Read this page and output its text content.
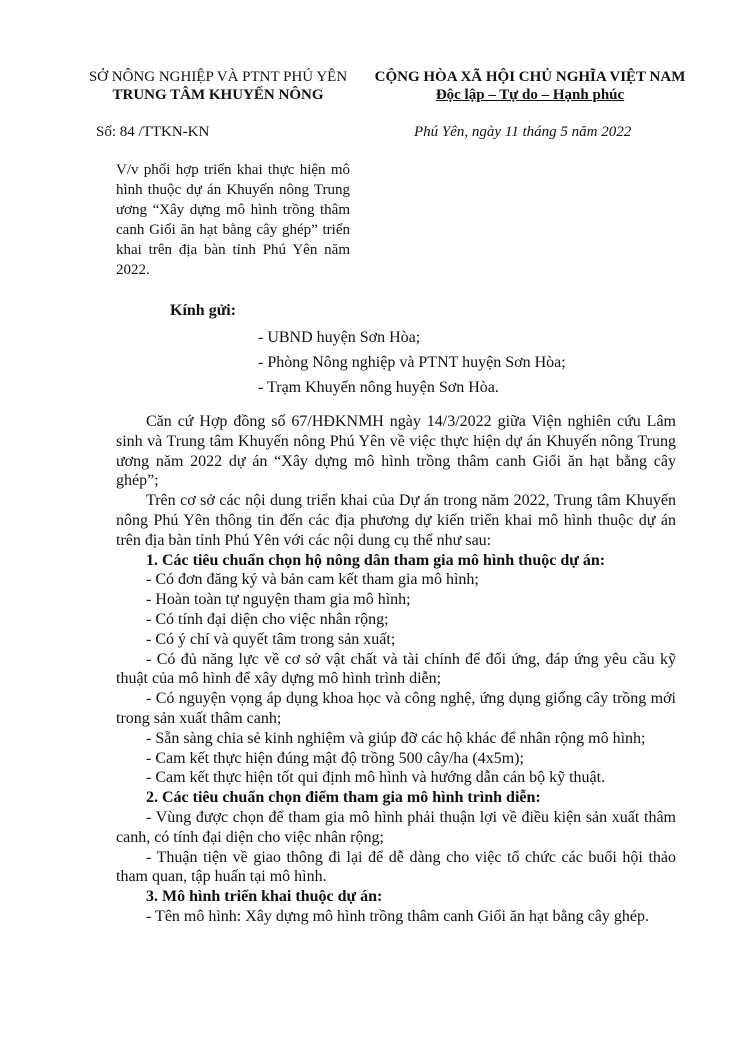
SỞ NÔNG NGHIỆP VÀ PTNT PHÚ YÊN
TRUNG TÂM KHUYẾN NÔNG
CỘNG HÒA XÃ HỘI CHỦ NGHĨA VIỆT NAM
Độc lập – Tự do – Hạnh phúc
Số: 84 /TTKN-KN	Phú Yên, ngày 11 tháng 5 năm 2022
V/v phối hợp triển khai thực hiện mô hình thuộc dự án Khuyến nông Trung ương “Xây dựng mô hình trồng thâm canh Giổi ăn hạt bằng cây ghép” triển khai trên địa bàn tỉnh Phú Yên năm 2022.
Kính gửi:
- UBND huyện Sơn Hòa;
- Phòng Nông nghiệp và PTNT huyện Sơn Hòa;
- Trạm Khuyến nông huyện Sơn Hòa.

Căn cứ Hợp đồng số 67/HĐKNMH ngày 14/3/2022 giữa Viện nghiên cứu Lâm sinh và Trung tâm Khuyến nông Phú Yên về việc thực hiện dự án Khuyến nông Trung ương năm 2022 dự án “Xây dựng mô hình trồng thâm canh Giổi ăn hạt bằng cây ghép”;

Trên cơ sở các nội dung triển khai của Dự án trong năm 2022, Trung tâm Khuyến nông Phú Yên thông tin đến các địa phương dự kiến triển khai mô hình thuộc dự án trên địa bàn tỉnh Phú Yên với các nội dung cụ thể như sau:

1. Các tiêu chuẩn chọn hộ nông dân tham gia mô hình thuộc dự án:

- Có đơn đăng ký và bản cam kết tham gia mô hình;

- Hoàn toàn tự nguyện tham gia mô hình;

- Có tính đại diện cho việc nhân rộng;

- Có ý chí và quyết tâm trong sản xuất;

- Có đủ năng lực về cơ sở vật chất và tài chính để đối ứng, đáp ứng yêu cầu kỹ thuật của mô hình để xây dựng mô hình trình diễn;

- Có nguyện vọng áp dụng khoa học và công nghệ, ứng dụng giống cây trồng mới trong sản xuất thâm canh;

- Sẵn sàng chia sẻ kinh nghiệm và giúp đỡ các hộ khác để nhân rộng mô hình;

- Cam kết thực hiện đúng mật độ trồng 500 cây/ha (4x5m);

- Cam kết thực hiện tốt qui định mô hình và hướng dẫn cán bộ kỹ thuật.

2. Các tiêu chuẩn chọn điểm tham gia mô hình trình diễn:

- Vùng được chọn để tham gia mô hình phải thuận lợi về điều kiện sản xuất thâm canh, có tính đại diện cho việc nhân rộng;

- Thuận tiện về giao thông đi lại để dễ dàng cho việc tổ chức các buổi hội thảo tham quan, tập huấn tại mô hình.

3. Mô hình triển khai thuộc dự án:

- Tên mô hình: Xây dựng mô hình trồng thâm canh Giổi ăn hạt bằng cây ghép.
